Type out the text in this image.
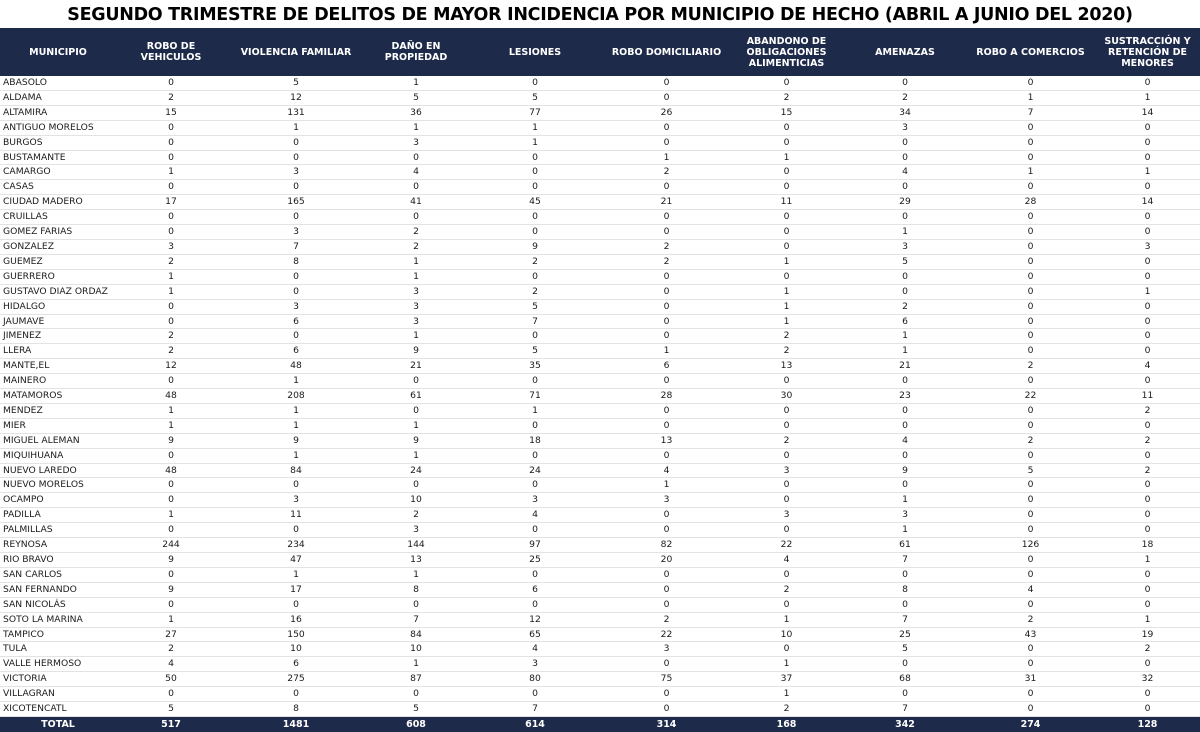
SEGUNDO TRIMESTRE DE DELITOS DE MAYOR INCIDENCIA POR MUNICIPIO DE HECHO (ABRIL A JUNIO DEL 2020)
MUNICIPIO	ROBO DE VEHICULOS	VIOLENCIA FAMILIAR	DAÑO EN PROPIEDAD	LESIONES	ROBO DOMICILIARIO	ABANDONO DE OBLIGACIONES ALIMENTICIAS	AMENAZAS	ROBO A COMERCIOS	SUSTRACCIÓN Y RETENCIÓN DE MENORES
ABASOLO	0	5	1	0	0	0	0	0	0
ALDAMA	2	12	5	5	0	2	2	1	1
ALTAMIRA	15	131	36	77	26	15	34	7	14
ANTIGUO MORELOS	0	1	1	1	0	0	3	0	0
BURGOS	0	0	3	1	0	0	0	0	0
BUSTAMANTE	0	0	0	0	1	1	0	0	0
CAMARGO	1	3	4	0	2	0	4	1	1
CASAS	0	0	0	0	0	0	0	0	0
CIUDAD MADERO	17	165	41	45	21	11	29	28	14
CRUILLAS	0	0	0	0	0	0	0	0	0
GOMEZ FARIAS	0	3	2	0	0	0	1	0	0
GONZALEZ	3	7	2	9	2	0	3	0	3
GUEMEZ	2	8	1	2	2	1	5	0	0
GUERRERO	1	0	1	0	0	0	0	0	0
GUSTAVO DIAZ ORDAZ	1	0	3	2	0	1	0	0	1
HIDALGO	0	3	3	5	0	1	2	0	0
JAUMAVE	0	6	3	7	0	1	6	0	0
JIMENEZ	2	0	1	0	0	2	1	0	0
LLERA	2	6	9	5	1	2	1	0	0
MANTE,EL	12	48	21	35	6	13	21	2	4
MAINERO	0	1	0	0	0	0	0	0	0
MATAMOROS	48	208	61	71	28	30	23	22	11
MENDEZ	1	1	0	1	0	0	0	0	2
MIER	1	1	1	0	0	0	0	0	0
MIGUEL ALEMAN	9	9	9	18	13	2	4	2	2
MIQUIHUANA	0	1	1	0	0	0	0	0	0
NUEVO LAREDO	48	84	24	24	4	3	9	5	2
NUEVO MORELOS	0	0	0	0	1	0	0	0	0
OCAMPO	0	3	10	3	3	0	1	0	0
PADILLA	1	11	2	4	0	3	3	0	0
PALMILLAS	0	0	3	0	0	0	1	0	0
REYNOSA	244	234	144	97	82	22	61	126	18
RIO BRAVO	9	47	13	25	20	4	7	0	1
SAN CARLOS	0	1	1	0	0	0	0	0	0
SAN FERNANDO	9	17	8	6	0	2	8	4	0
SAN NICOLÁS	0	0	0	0	0	0	0	0	0
SOTO LA MARINA	1	16	7	12	2	1	7	2	1
TAMPICO	27	150	84	65	22	10	25	43	19
TULA	2	10	10	4	3	0	5	0	2
VALLE HERMOSO	4	6	1	3	0	1	0	0	0
VICTORIA	50	275	87	80	75	37	68	31	32
VILLAGRAN	0	0	0	0	0	1	0	0	0
XICOTENCATL	5	8	5	7	0	2	7	0	0
TOTAL	517	1481	608	614	314	168	342	274	128
